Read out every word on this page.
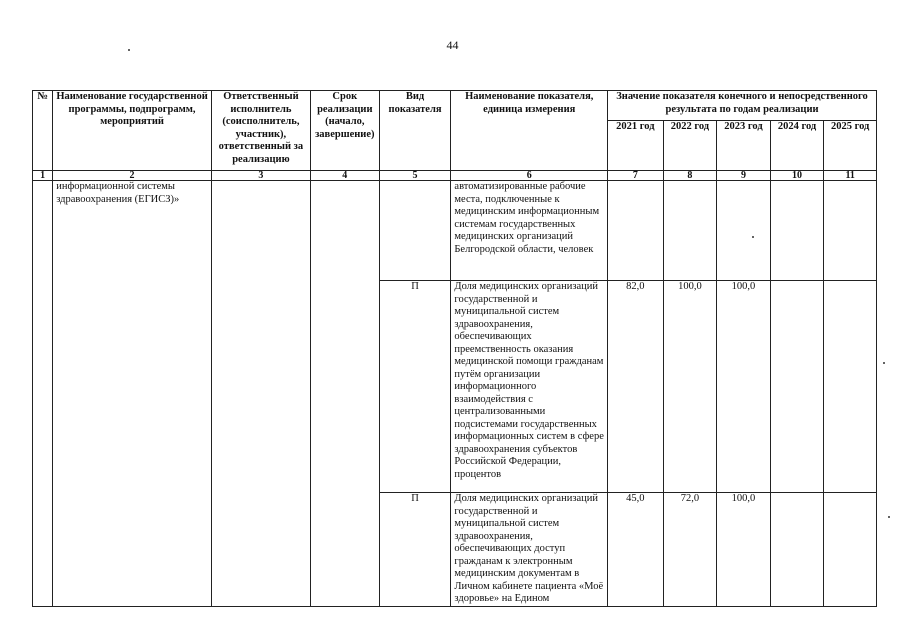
44
№	Наименование государственной программы, подпрограмм, мероприятий	Ответственный исполнитель (соисполнитель, участник), ответственный за реализацию	Срок реализации (начало, завершение)	Вид показателя	Наименование показателя, единица измерения	Значение показателя конечного и непосредственного результата по годам реализации				
						2021 год	2022 год	2023 год	2024 год	2025 год
1	2	3	4	5	6	7	8	9	10	11
	информационной системы здравоохранения (ЕГИСЗ)»				автоматизированные рабочие места, подключенные к медицинским информационным системам государственных медицинских организаций Белгородской области, человек					
				П	Доля медицинских организаций государственной и муниципальной систем здравоохранения, обеспечивающих преемственность оказания медицинской помощи гражданам путём организации информационного взаимодействия с централизованными подсистемами государственных информационных систем в сфере здравоохранения субъектов Российской Федерации, процентов	82,0	100,0	100,0		
				П	Доля медицинских организаций государственной и муниципальной систем здравоохранения, обеспечивающих доступ гражданам к электронным медицинским документам в Личном кабинете пациента «Моё здоровье» на Едином	45,0	72,0	100,0		
